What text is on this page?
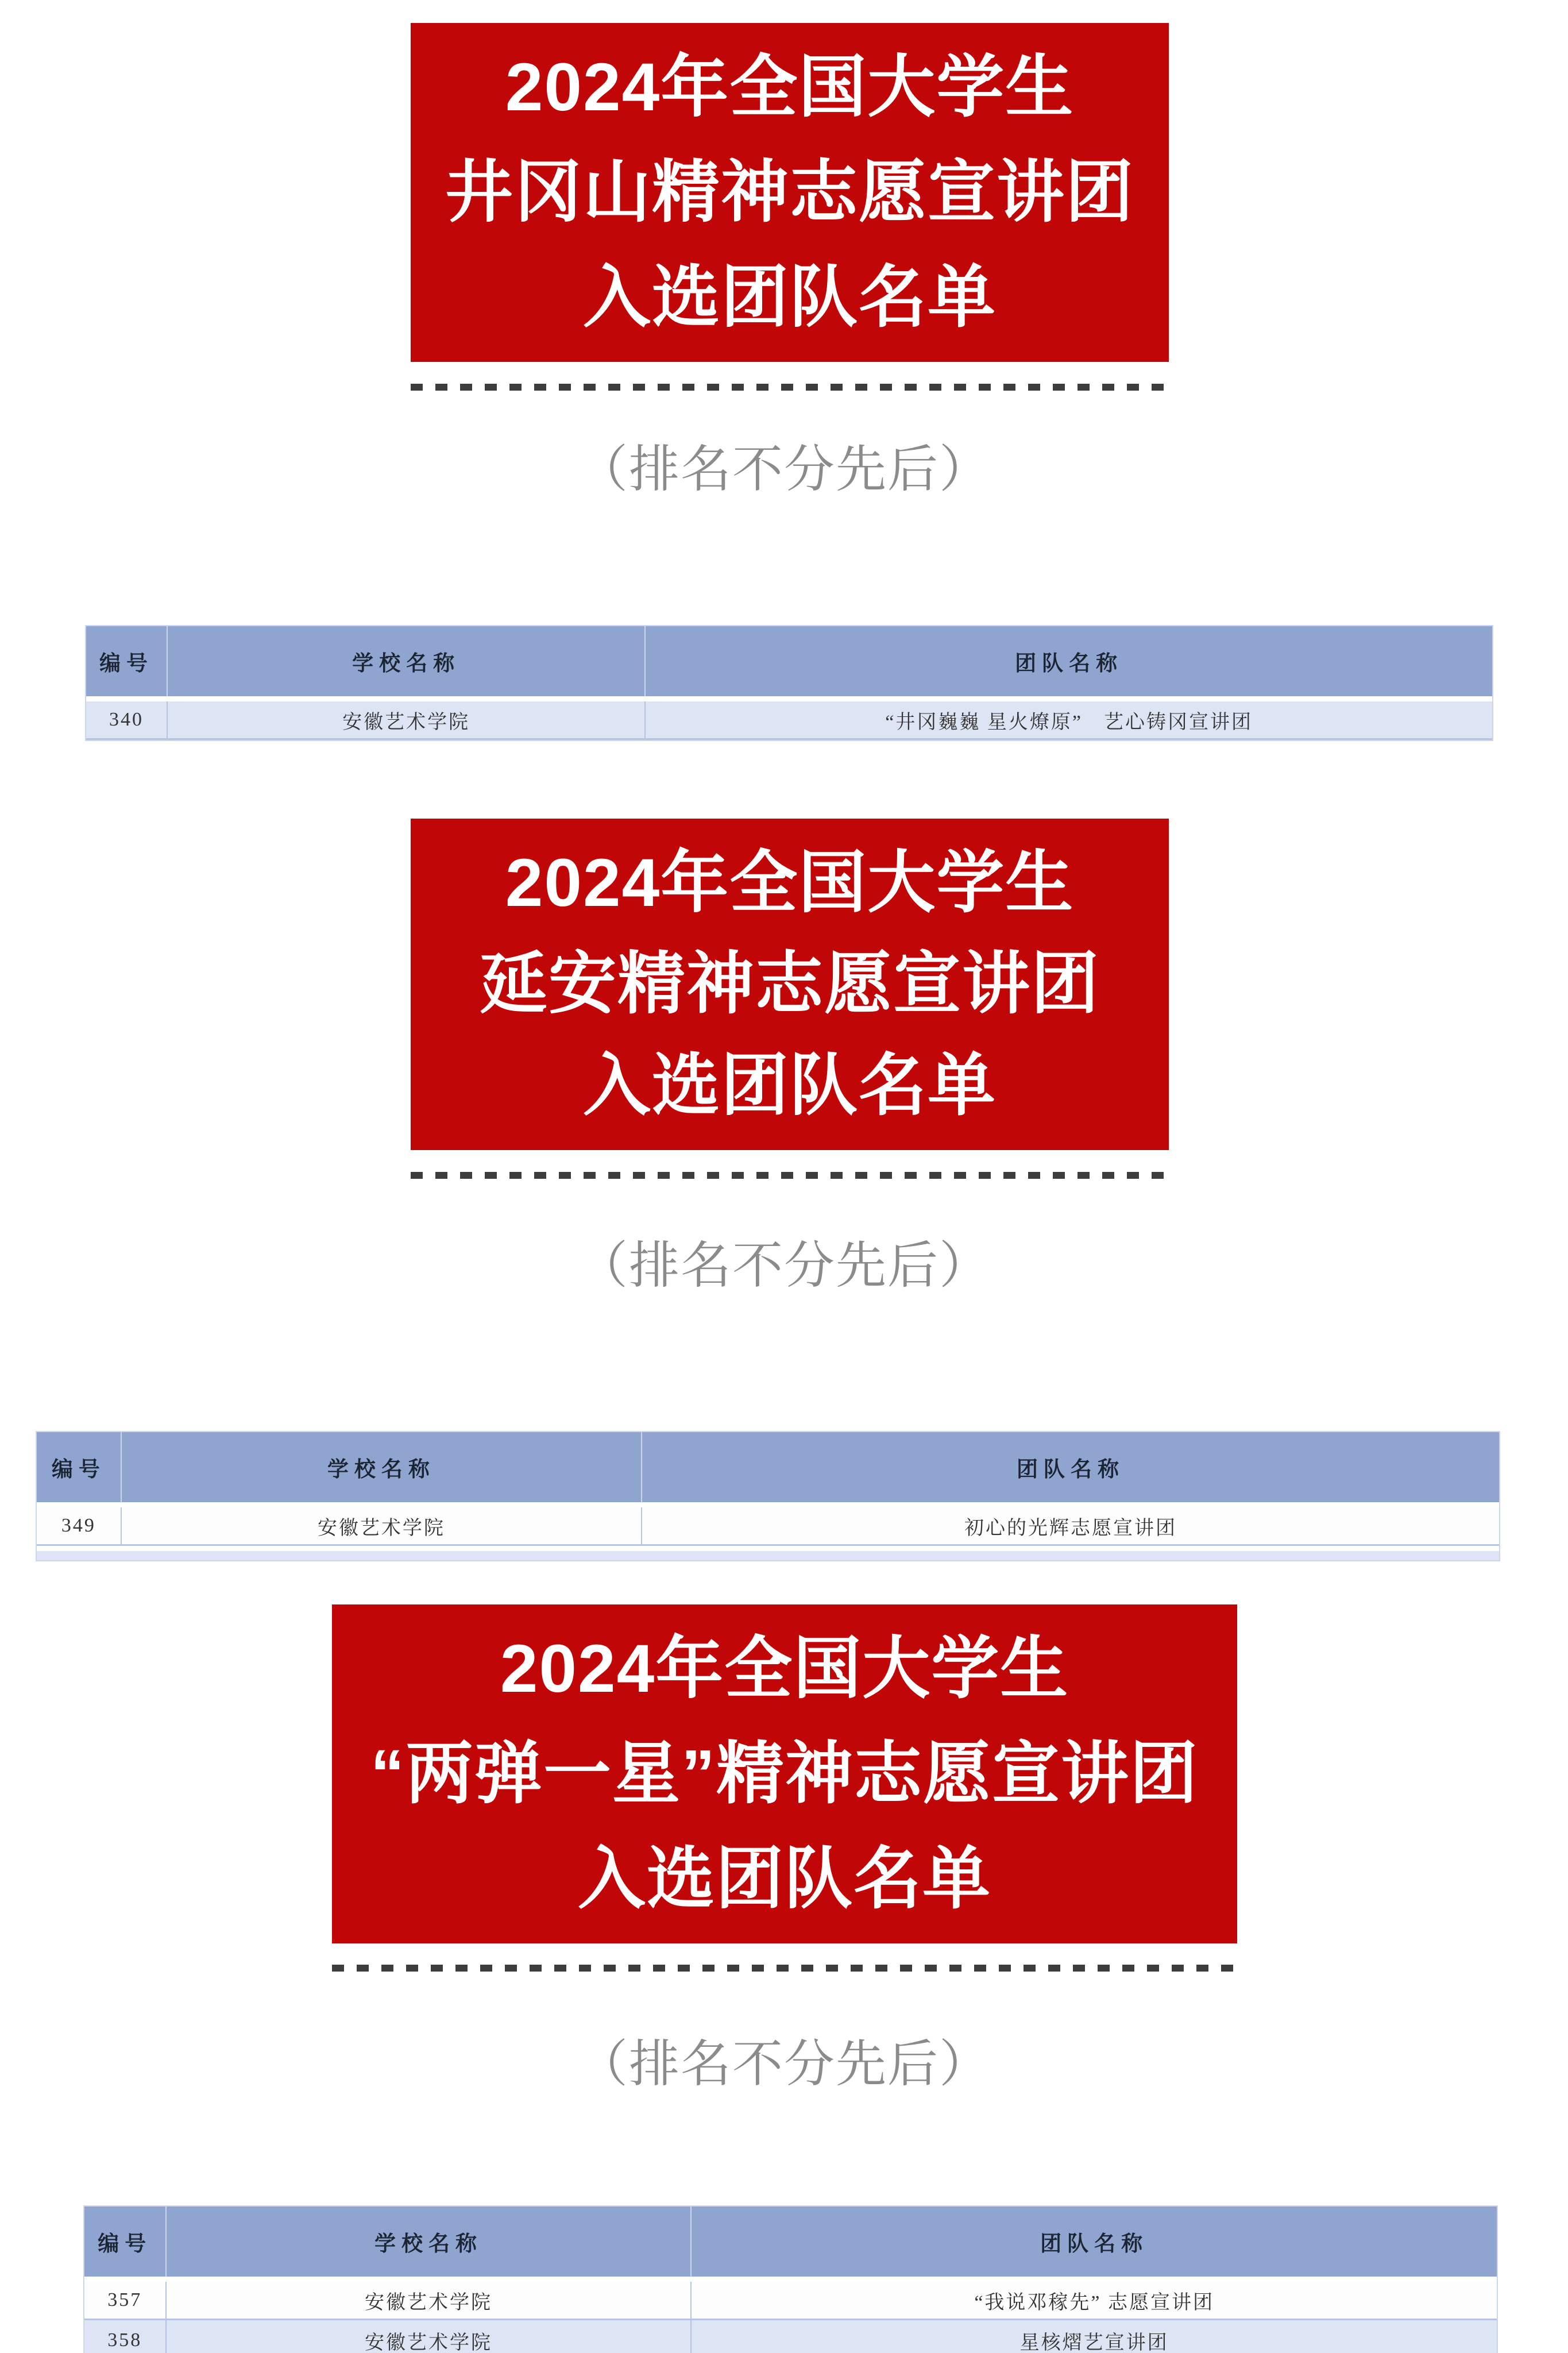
2024年全国大学生
井冈山精神志愿宣讲团
入选团队名单
（排名不分先后）
编号	学校名称	团队名称
340	安徽艺术学院	“井冈巍巍 星火燎原”　艺心铸冈宣讲团
2024年全国大学生
延安精神志愿宣讲团
入选团队名单
（排名不分先后）
编号	学校名称	团队名称
349	安徽艺术学院	初心的光辉志愿宣讲团
2024年全国大学生
“两弹一星”精神志愿宣讲团
入选团队名单
（排名不分先后）
编号	学校名称	团队名称
357	安徽艺术学院	“我说邓稼先” 志愿宣讲团
358	安徽艺术学院	星核熠艺宣讲团
